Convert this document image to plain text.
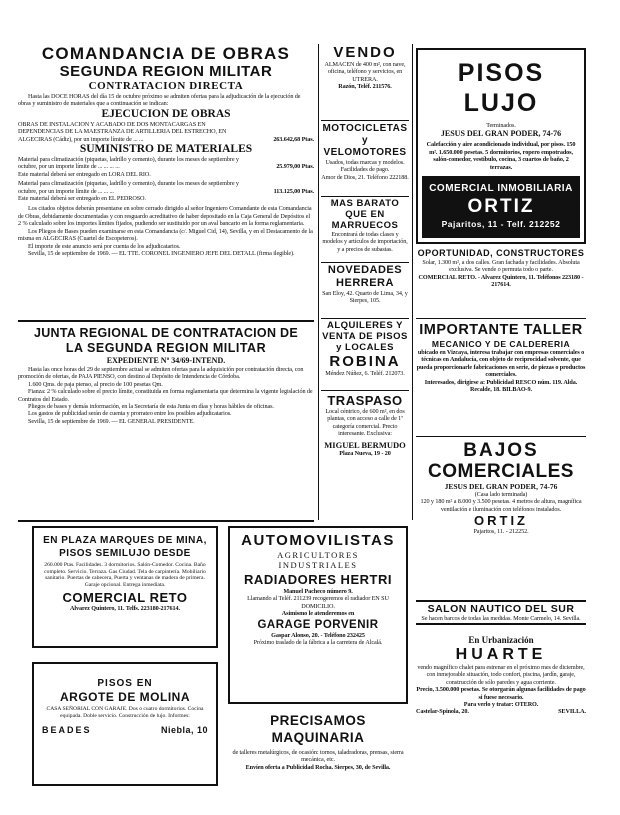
COMANDANCIA DE OBRAS
SEGUNDA REGION MILITAR
CONTRATACION DIRECTA

Hasta las DOCE HORAS del día 15 de octubre próximo se admiten ofertas para la adjudicación de la ejecución de obras y suministro de materiales que a continuación se indican:

EJECUCION DE OBRAS

OBRAS DE INSTALACION Y ACABADO DE DOS MONTACARGAS EN DEPENDENCIAS DE LA MAESTRANZA DE ARTILLERIA DEL ESTRECHO, EN ALGECIRAS (Cádiz), por un importe límite de ... ...	263.642,68 Ptas.
SUMINISTRO DE MATERIALES

Material para climatización (piquetas, ladrillo y cemento), durante los meses de septiembre y octubre, por un importe límite de ... ... ... ...	25.979,00 Ptas.

Este material deberá ser entregado en LORA DEL RIO.

Material para climatización (piquetas, ladrillo y cemento), durante los meses de septiembre y octubre, por un importe límite de ... ... ...	113.125,00 Ptas.

Este material deberá ser entregado en EL PEDROSO.

Los citados objetos deberán presentarse en sobre cerrado dirigido al señor Ingeniero Comandante de esta Comandancia de Obras, debidamente documentadas y con resguardo acreditativo de haber depositado en la Caja General de Depósitos el 2 % calculado sobre los importes límites fijados, pudiendo ser sustituido por un aval bancario en la forma reglamentaria.

Los Pliegos de Bases pueden examinarse en esta Comandancia (c/. Miguel Cid, 14), Sevilla, y en el Destacamento de la misma en ALGECIRAS (Cuartel de Escopeteros).

El importe de este anuncio será por cuenta de los adjudicatarios.

Sevilla, 15 de septiembre de 1969. — EL TTE. CORONEL INGENIERO JEFE DEL DETALL (firma ilegible).

JUNTA REGIONAL DE CONTRATACION DE
LA SEGUNDA REGION MILITAR
EXPEDIENTE Nº 34/69-INTEND.

Hasta las once horas del 29 de septiembre actual se admiten ofertas para la adquisición por contratación directa, con promoción de ofertas, de PAJA PIENSO, con destino al Depósito de Intendencia de Córdoba.

1.600 Qms. de paja pienso, al precio de 100 pesetas Qm.

Fianza: 2 % calculado sobre el precio límite, constituida en forma reglamentaria que determina la vigente legislación de Contratos del Estado.

Pliegos de bases y demás información, en la Secretaría de esta Junta en días y horas hábiles de oficinas.

Los gastos de publicidad serán de cuenta y prorrateo entre los posibles adjudicatarios.

Sevilla, 15 de septiembre de 1969. — EL GENERAL PRESIDENTE.

VENDO

ALMACEN de 400 m², con nave, oficina, teléfono y servicios, en UTRERA.

Razón, Teléf. 211576.

MOTOCICLETAS y VELOMOTORES

Usados, todas marcas y modelos. Facilidades de pago.

Amor de Dios, 21. Teléfono 222188.

MAS BARATO QUE EN MARRUECOS

Encontrará de todas clases y modelos y artículos de importación, y a precios de subastas.

NOVEDADES
HERRERA

San Eloy, 42. Quarto de Lima, 34, y Sierpes, 105.

ALQUILERES Y VENTA DE PISOS y LOCALES
ROBINA

Méndez Núñez, 6. Teléf. 212073.

TRASPASO

Local céntrico, de 600 m², en dos plantas, con acceso a calle de 1ª categoría comercial. Precio interesante. Exclusiva:

MIGUEL BERMUDO

Plaza Nueva, 19 - 20

PISOS LUJO
Terminados.
JESUS DEL GRAN PODER, 74-76

Calefacción y aire acondicionado individual, por pisos. 150 m². 1.650.000 pesetas. 5 dormitorios, ropero empotrados, salón-comedor, vestíbulo, cocina, 3 cuartos de baño, 2 terrazas.

COMERCIAL INMOBILIARIA
ORTIZ
Pajaritos, 11 - Telf. 212252
OPORTUNIDAD, CONSTRUCTORES

Solar, 1.300 m², a dos calles. Gran fachada y facilidades. Absoluta exclusiva. Se vende o permuta todo o parte.

COMERCIAL RETO. - Alvarez Quintero, 11. Teléfonos 223180 - 217614.

IMPORTANTE TALLER
MECANICO Y DE CALDERERIA

ubicado en Vizcaya, interesa trabajar con empresas comerciales o técnicas en Andalucía, con objeto de reciprocidad solvente, que pueda proporcionarle fabricaciones en serie, de piezas o productos comerciales.

Interesados, dirigirse a: Publicidad RESCO núm. 119. Alda. Recalde, 18. BILBAO-9.

BAJOS
COMERCIALES
JESUS DEL GRAN PODER, 74-76
(Casa lado terminada)

120 y 180 m² a 8.000 y 3.500 pesetas. 4 metros de altura, magnífica ventilación e iluminación con teléfonos instalados.

ORTIZ

Pajaritos, 11. - 212252.

SALON NAUTICO DEL SUR

Se hacen barcos de todas las medidas. Monte Carmelo, 14. Sevilla.

En Urbanización
HUARTE

vendo magnífico chalet para estrenar en el próximo mes de diciembre, con inmejorable situación, todo confort, piscina, jardín, garaje, construcción de sólo paredes y agua corriente.

Precio, 3.500.000 pesetas. Se otorgarán algunas facilidades de pago si fuese necesario.

Para verlo y tratar: OTERO.

Castelar-Spinola, 20.	SEVILLA.
EN PLAZA MARQUES DE MINA,
PISOS SEMILUJO DESDE

260.000 Ptas. Facilidades. 3 dormitorios. Salón-Comedor. Cocina. Baño completo. Servicio. Terraza. Gas Ciudad. Tela de carpintería. Mobiliario sanitario. Puertas de cabecera, Puerta y ventanas de madera de primera. Garaje opcional. Entrega inmediata.

COMERCIAL RETO
Alvarez Quintero, 11. Telfs. 223180-217614.
PISOS EN
ARGOTE DE MOLINA

CASA SEÑORIAL CON GARAJE. Dos o cuatro dormitorios. Cocina equipada. Doble servicio. Construcción de lujo. Informes:

BEADES	Niebla, 10
AUTOMOVILISTAS
AGRICULTORES INDUSTRIALES
RADIADORES HERTRI
Manuel Pacheco número 9.

Llamando al Teléf. 211239 recogeremos el radiador EN SU DOMICILIO.

Asimismo le atenderemos en
GARAGE PORVENIR
Gaspar Alonso, 20. - Teléfono 232425

Próximo traslado de la fábrica a la carretera de Alcalá.

PRECISAMOS MAQUINARIA

de talleres metalúrgicos, de ocasión: tornos, taladradoras, prensas, sierra mecánica, etc.

Envíen oferta a Publicidad Rocha. Sierpes, 30, de Sevilla.
